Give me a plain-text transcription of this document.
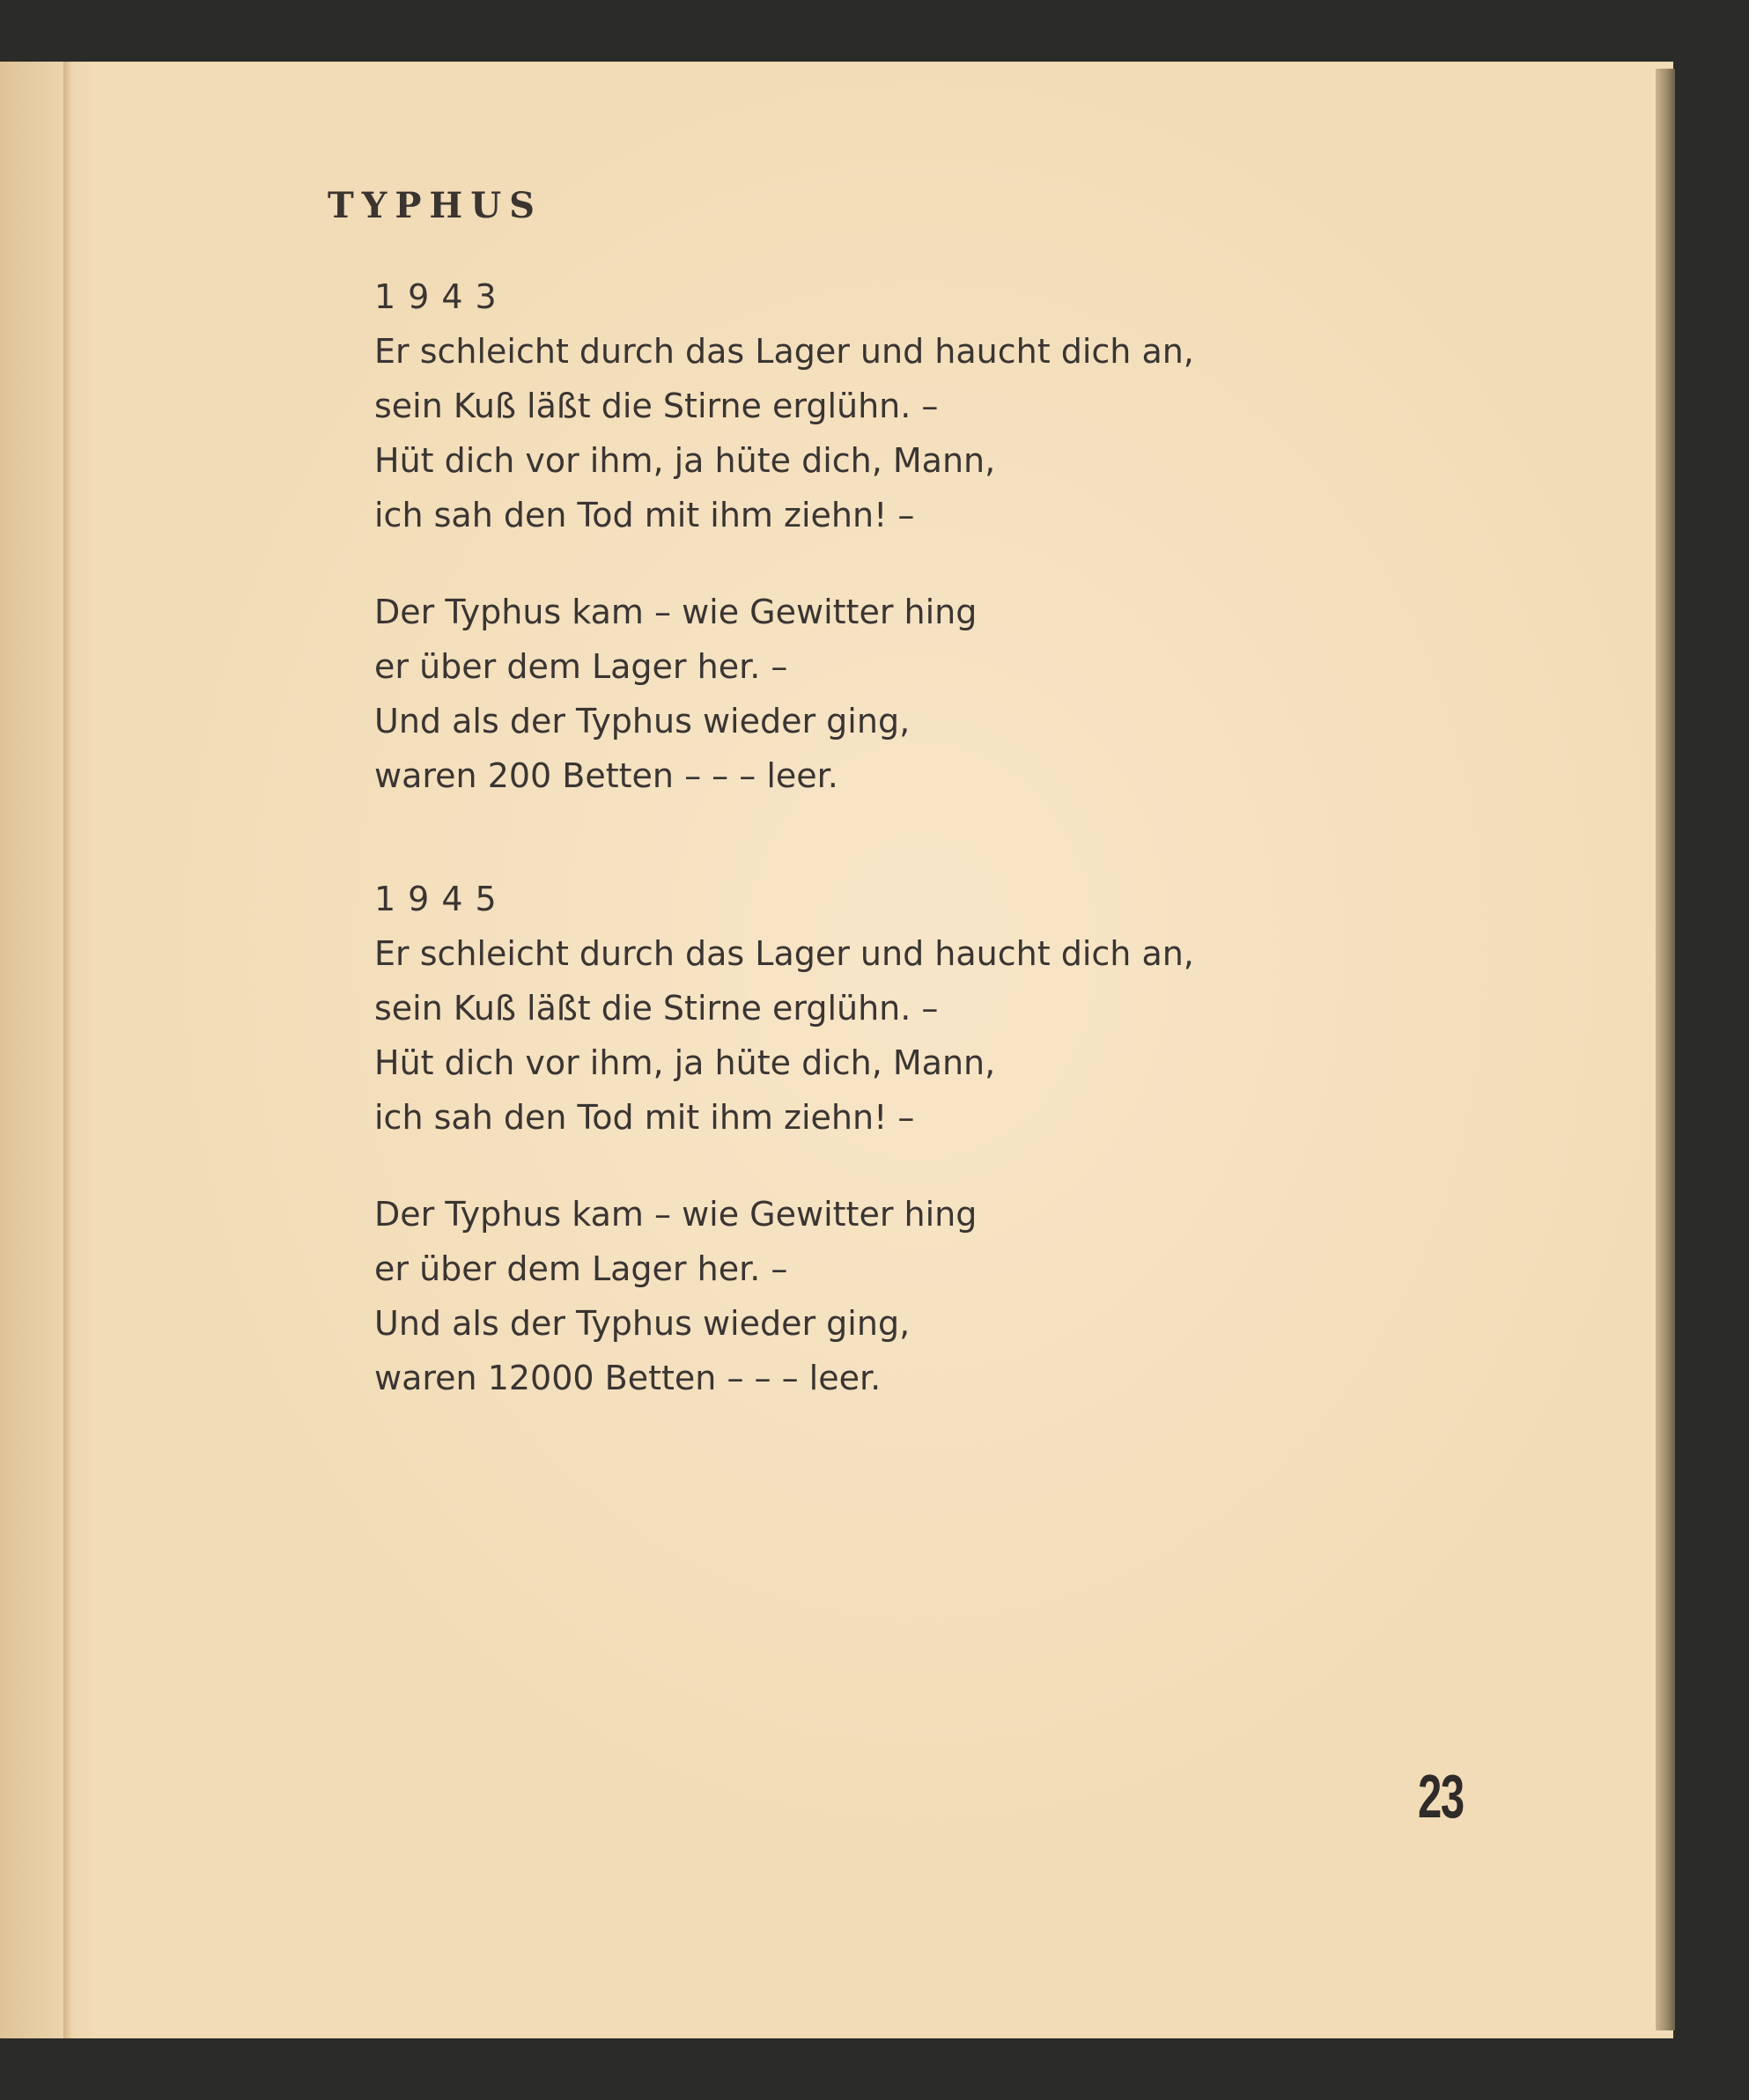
TYPHUS
1943
Er schleicht durch das Lager und haucht dich an,
sein Kuß läßt die Stirne erglühn. –
Hüt dich vor ihm, ja hüte dich, Mann,
ich sah den Tod mit ihm ziehn! –
Der Typhus kam – wie Gewitter hing
er über dem Lager her. –
Und als der Typhus wieder ging,
waren 200 Betten – – – leer.
1945
Er schleicht durch das Lager und haucht dich an,
sein Kuß läßt die Stirne erglühn. –
Hüt dich vor ihm, ja hüte dich, Mann,
ich sah den Tod mit ihm ziehn! –
Der Typhus kam – wie Gewitter hing
er über dem Lager her. –
Und als der Typhus wieder ging,
waren 12000 Betten – – – leer.
23
